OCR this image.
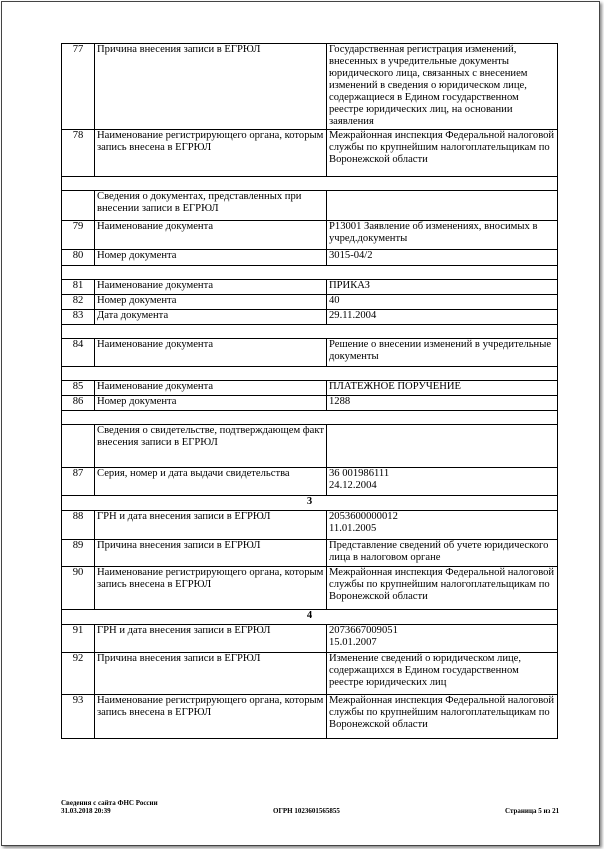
77	Причина внесения записи в ЕГРЮЛ	Государственная регистрация изменений, внесенных в учредительные документы юридического лица, связанных с внесением изменений в сведения о юридическом лице, содержащиеся в Едином государственном реестре юридических лиц, на основании заявления
78	Наименование регистрирующего органа, которым запись внесена в ЕГРЮЛ	Межрайонная инспекция Федеральной налоговой службы по крупнейшим налогоплательщикам по Воронежской области

	Сведения о документах, представленных при внесении записи в ЕГРЮЛ	
79	Наименование документа	Р13001 Заявление об изменениях, вносимых в учред.документы
80	Номер документа	3015-04/2

81	Наименование документа	ПРИКАЗ
82	Номер документа	40
83	Дата документа	29.11.2004

84	Наименование документа	Решение о внесении изменений в учредительные документы

85	Наименование документа	ПЛАТЕЖНОЕ ПОРУЧЕНИЕ
86	Номер документа	1288

	Сведения о свидетельстве, подтверждающем факт внесения записи в ЕГРЮЛ	
87	Серия, номер и дата выдачи свидетельства	36 001986111
24.12.2004
3		
88	ГРН и дата внесения записи в ЕГРЮЛ	2053600000012
11.01.2005
89	Причина внесения записи в ЕГРЮЛ	Представление сведений об учете юридического лица в налоговом органе
90	Наименование регистрирующего органа, которым запись внесена в ЕГРЮЛ	Межрайонная инспекция Федеральной налоговой службы по крупнейшим налогоплательщикам по Воронежской области
4		
91	ГРН и дата внесения записи в ЕГРЮЛ	2073667009051
15.01.2007
92	Причина внесения записи в ЕГРЮЛ	Изменение сведений о юридическом лице, содержащихся в Едином государственном реестре юридических лиц
93	Наименование регистрирующего органа, которым запись внесена в ЕГРЮЛ	Межрайонная инспекция Федеральной налоговой службы по крупнейшим налогоплательщикам по Воронежской области
Сведения с сайта ФНС России
31.03.2018 20:39	ОГРН 1023601565855	Страница 5 из 21
